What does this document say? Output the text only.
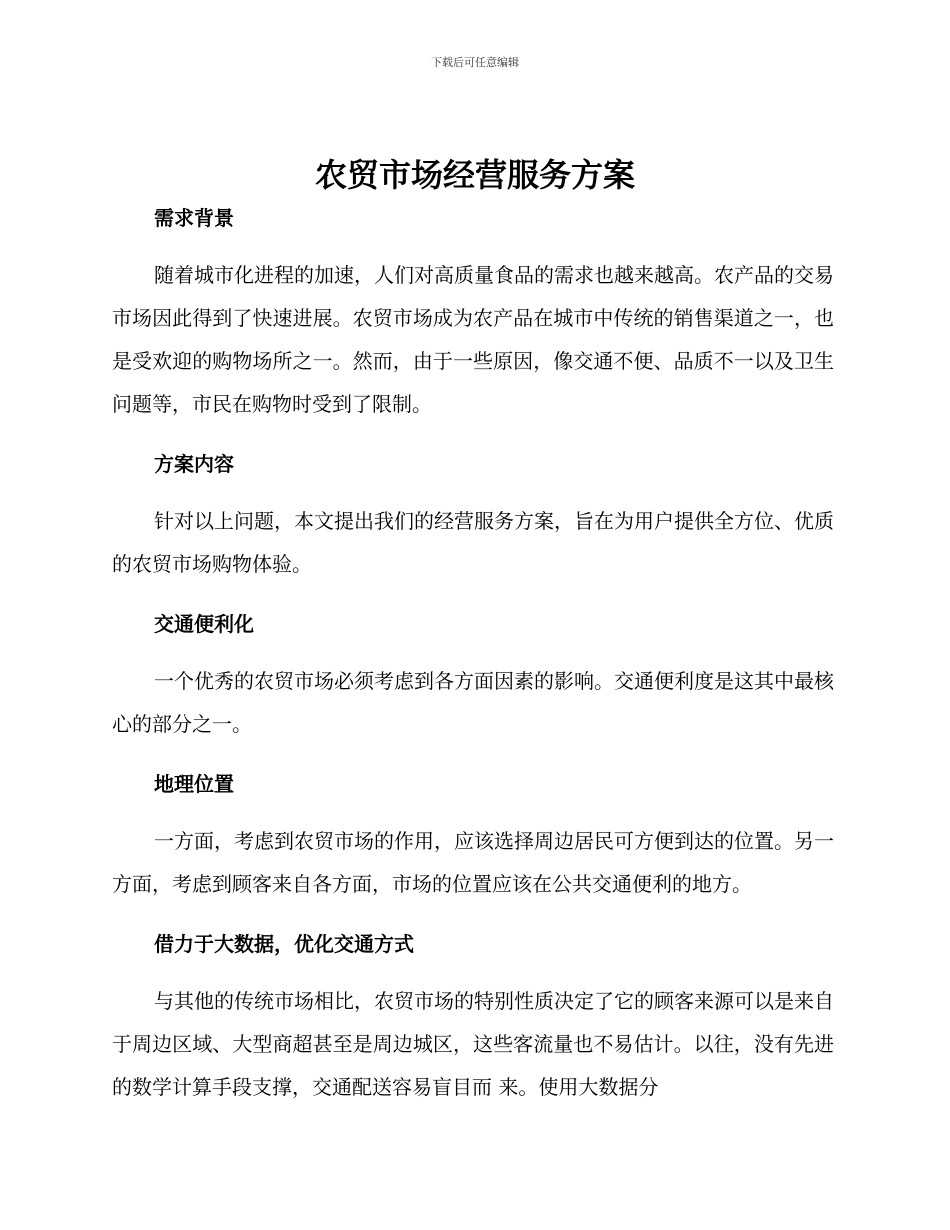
下载后可任意编辑
农贸市场经营服务方案

需求背景

随着城市化进程的加速，人们对高质量食品的需求也越来越高。农产品的交易市场因此得到了快速进展。农贸市场成为农产品在城市中传统的销售渠道之一，也是受欢迎的购物场所之一。然而，由于一些原因，像交通不便、品质不一以及卫生问题等，市民在购物时受到了限制。

方案内容

针对以上问题，本文提出我们的经营服务方案，旨在为用户提供全方位、优质的农贸市场购物体验。

交通便利化

一个优秀的农贸市场必须考虑到各方面因素的影响。交通便利度是这其中最核心的部分之一。

地理位置

一方面，考虑到农贸市场的作用，应该选择周边居民可方便到达的位置。另一方面，考虑到顾客来自各方面，市场的位置应该在公共交通便利的地方。

借力于大数据，优化交通方式

与其他的传统市场相比，农贸市场的特别性质决定了它的顾客来源可以是来自于周边区域、大型商超甚至是周边城区，这些客流量也不易估计。以往，没有先进的数学计算手段支撑，交通配送容易盲目而 来。使用大数据分
